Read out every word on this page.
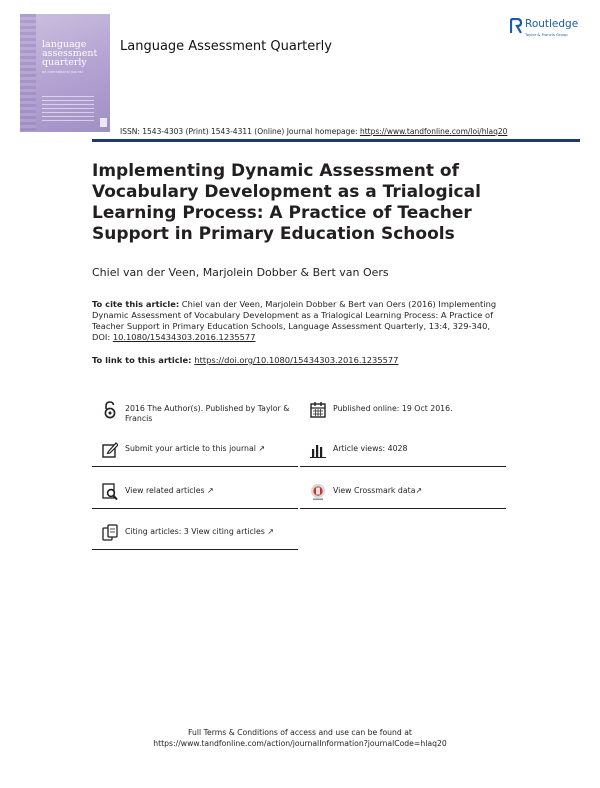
language assessment quarterly
an international journal
Language Assessment Quarterly
Routledge
Taylor & Francis Group
ISSN: 1543-4303 (Print) 1543-4311 (Online) Journal homepage: https://www.tandfonline.com/loi/hlaq20
Implementing Dynamic Assessment of Vocabulary Development as a Trialogical Learning Process: A Practice of Teacher Support in Primary Education Schools
Chiel van der Veen, Marjolein Dobber & Bert van Oers
To cite this article: Chiel van der Veen, Marjolein Dobber & Bert van Oers (2016) Implementing Dynamic Assessment of Vocabulary Development as a Trialogical Learning Process: A Practice of Teacher Support in Primary Education Schools, Language Assessment Quarterly, 13:4, 329-340, DOI: 10.1080/15434303.2016.1235577
To link to this article: https://doi.org/10.1080/15434303.2016.1235577
2016 The Author(s). Published by Taylor & Francis
Published online: 19 Oct 2016.
Submit your article to this journal ↗	Article views: 4028
View related articles ↗	View Crossmark data↗
Citing articles: 3 View citing articles ↗
Full Terms & Conditions of access and use can be found at
https://www.tandfonline.com/action/journalInformation?journalCode=hlaq20
